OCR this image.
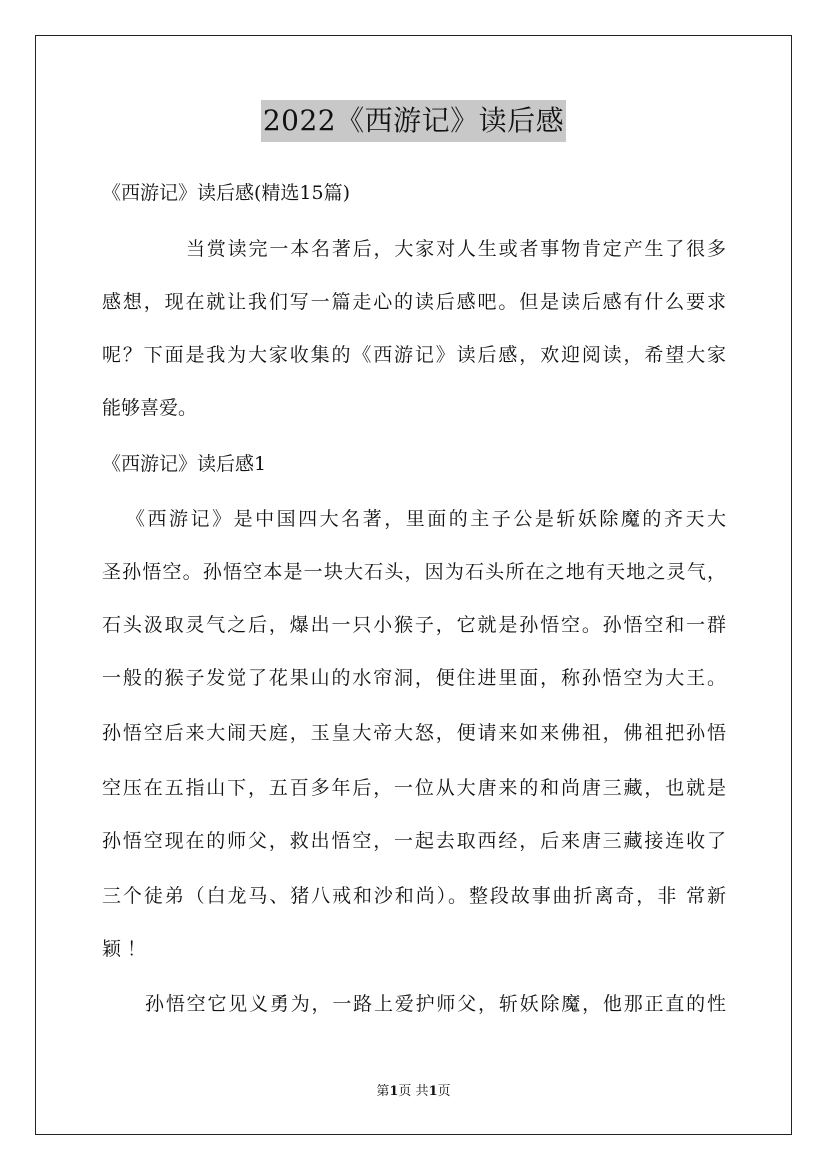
2022《西游记》读后感
《西游记》读后感(精选15篇)
当赏读完一本名著后，大家对人生或者事物肯定产生了很多
感想，现在就让我们写一篇走心的读后感吧。但是读后感有什么要求
呢？下面是我为大家收集的《西游记》读后感，欢迎阅读，希望大家
能够喜爱。
《西游记》读后感1
《西游记》是中国四大名著，里面的主子公是斩妖除魔的齐天大
圣孙悟空。孙悟空本是一块大石头，因为石头所在之地有天地之灵气，
石头汲取灵气之后，爆出一只小猴子，它就是孙悟空。孙悟空和一群
一般的猴子发觉了花果山的水帘洞，便住进里面，称孙悟空为大王。
孙悟空后来大闹天庭，玉皇大帝大怒，便请来如来佛祖，佛祖把孙悟
空压在五指山下，五百多年后，一位从大唐来的和尚唐三藏，也就是
孙悟空现在的师父，救出悟空，一起去取西经，后来唐三藏接连收了
三个徒弟（白龙马、猪八戒和沙和尚）。整段故事曲折离奇，非 常新
颖 ！
孙悟空它见义勇为，一路上爱护师父，斩妖除魔，他那正直的性
第1页 共1页
